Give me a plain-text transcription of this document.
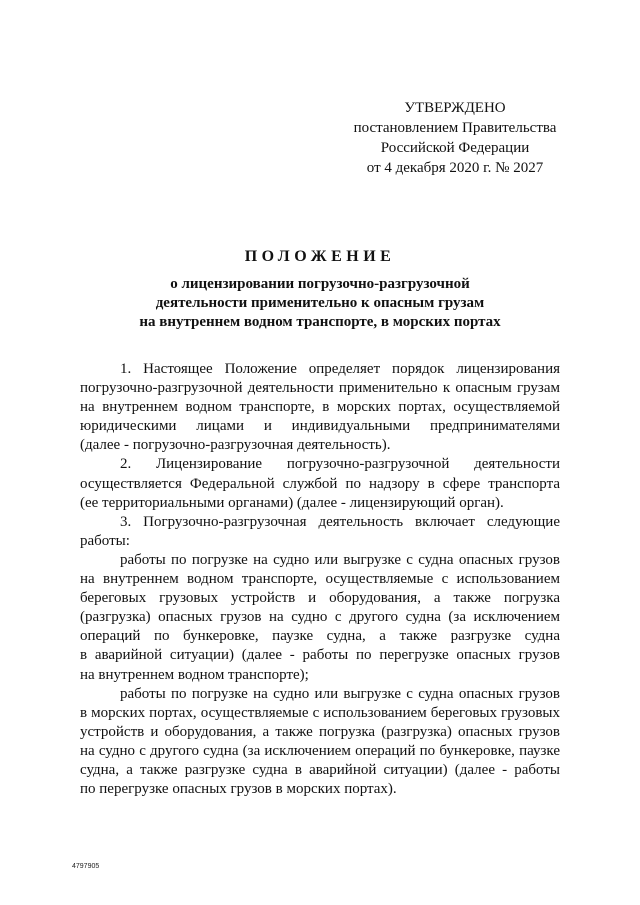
УТВЕРЖДЕНО
постановлением Правительства
Российской Федерации
от 4 декабря 2020 г. № 2027
ПОЛОЖЕНИЕ
о лицензировании погрузочно-разгрузочной
деятельности применительно к опасным грузам
на внутреннем водном транспорте, в морских портах
1. Настоящее Положение определяет порядок лицензирования
погрузочно-разгрузочной деятельности применительно к опасным грузам
на внутреннем водном транспорте, в морских портах, осуществляемой
юридическими лицами и индивидуальными предпринимателями
(далее - погрузочно-разгрузочная деятельность).
2. Лицензирование погрузочно-разгрузочной деятельности
осуществляется Федеральной службой по надзору в сфере транспорта
(ее территориальными органами) (далее - лицензирующий орган).
3. Погрузочно-разгрузочная деятельность включает следующие
работы:
работы по погрузке на судно или выгрузке с судна опасных грузов
на внутреннем водном транспорте, осуществляемые с использованием
береговых грузовых устройств и оборудования, а также погрузка
(разгрузка) опасных грузов на судно с другого судна (за исключением
операций по бункеровке, паузке судна, а также разгрузке судна
в аварийной ситуации) (далее - работы по перегрузке опасных грузов
на внутреннем водном транспорте);
работы по погрузке на судно или выгрузке с судна опасных грузов
в морских портах, осуществляемые с использованием береговых грузовых
устройств и оборудования, а также погрузка (разгрузка) опасных грузов
на судно с другого судна (за исключением операций по бункеровке, паузке
судна, а также разгрузке судна в аварийной ситуации) (далее - работы
по перегрузке опасных грузов в морских портах).
4797905
